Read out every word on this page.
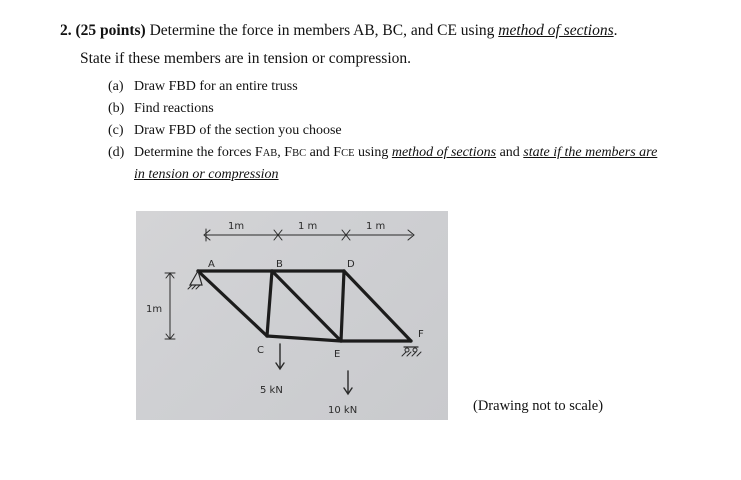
2. (25 points) Determine the force in members AB, BC, and CE using method of sections.
State if these members are in tension or compression.
(a) Draw FBD for an entire truss
(b) Find reactions
(c) Draw FBD of the section you choose
(d) Determine the forces FAB, FBC and FCE using method of sections and state if the members are
in tension or compression
1m	1 m	1 m
1m
A	B	D
C	E
F
5 kN
10 kN	(Drawing not to scale)
